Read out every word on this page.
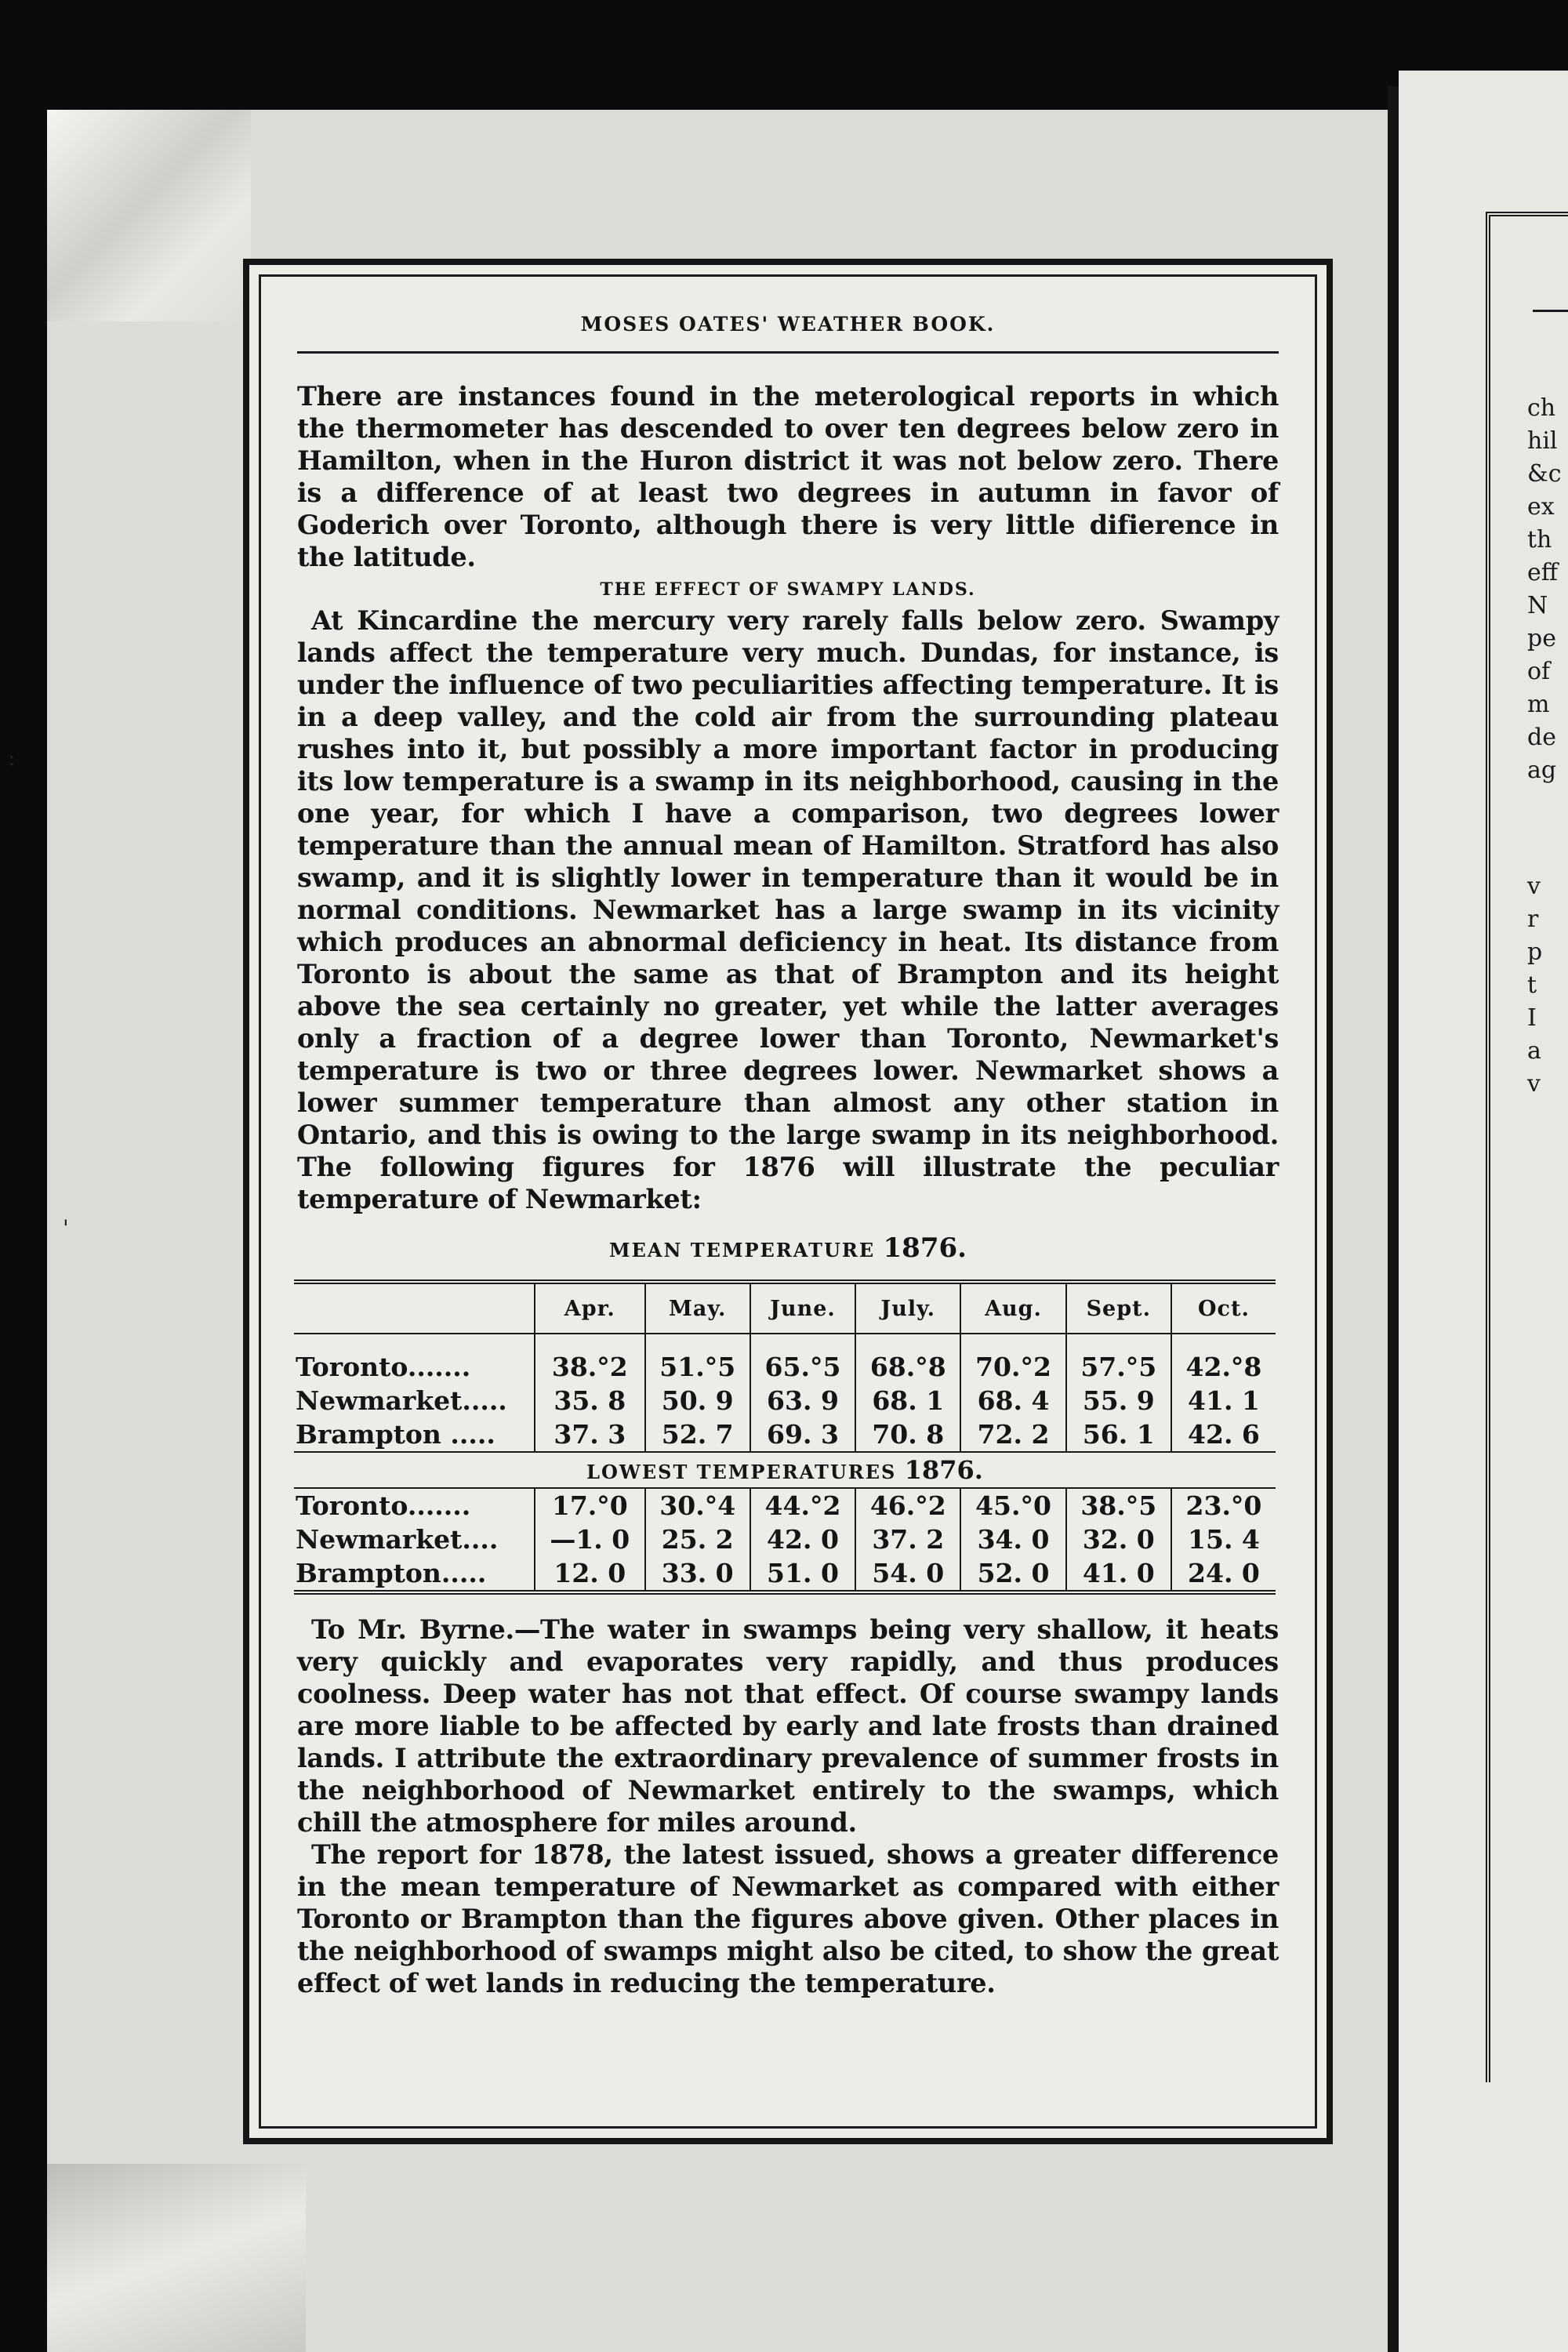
:
'
ch
hil
&c
ex
th
eff
N
pe
of
m
de
ag
v
r
p
t
I
a
v
MOSES OATES' WEATHER BOOK.

There are instances found in the meterological reports in which the thermometer has descended to over ten degrees below zero in Hamilton, when in the Huron district it was not below zero. There is a difference of at least two degrees in autumn in favor of Goderich over Toronto, although there is very little difierence in the latitude.

THE EFFECT OF SWAMPY LANDS.

At Kincardine the mercury very rarely falls below zero. Swampy lands affect the temperature very much. Dundas, for instance, is under the influence of two peculiarities affecting temperature. It is in a deep valley, and the cold air from the surrounding plateau rushes into it, but possibly a more important factor in producing its low temperature is a swamp in its neighborhood, causing in the one year, for which I have a comparison, two degrees lower temperature than the annual mean of Hamilton. Stratford has also swamp, and it is slightly lower in temperature than it would be in normal conditions. Newmarket has a large swamp in its vicinity which produces an abnormal deficiency in heat. Its distance from Toronto is about the same as that of Brampton and its height above the sea certainly no greater, yet while the latter averages only a fraction of a degree lower than Toronto, Newmarket's temperature is two or three degrees lower. Newmarket shows a lower summer temperature than almost any other station in Ontario, and this is owing to the large swamp in its neighborhood. The following figures for 1876 will illustrate the peculiar temperature of Newmarket:

MEAN TEMPERATURE 1876.
	Apr.	May.	June.	July.	Aug.	Sept.	Oct.

Toronto.......	38.°2	51.°5	65.°5	68.°8	70.°2	57.°5	42.°8
Newmarket.....	35. 8	50. 9	63. 9	68. 1	68. 4	55. 9	41. 1
Brampton .....	37. 3	52. 7	69. 3	70. 8	72. 2	56. 1	42. 6
LOWEST TEMPERATURES 1876.							
Toronto.......	17.°0	30.°4	44.°2	46.°2	45.°0	38.°5	23.°0
Newmarket....	—1. 0	25. 2	42. 0	37. 2	34. 0	32. 0	15. 4
Brampton.....	12. 0	33. 0	51. 0	54. 0	52. 0	41. 0	24. 0

To Mr. Byrne.—The water in swamps being very shallow, it heats very quickly and evaporates very rapidly, and thus produces coolness. Deep water has not that effect. Of course swampy lands are more liable to be affected by early and late frosts than drained lands. I attribute the extraordinary prevalence of summer frosts in the neighborhood of Newmarket entirely to the swamps, which chill the atmosphere for miles around.

The report for 1878, the latest issued, shows a greater difference in the mean temperature of Newmarket as compared with either Toronto or Brampton than the figures above given. Other places in the neighborhood of swamps might also be cited, to show the great effect of wet lands in reducing the temperature.
